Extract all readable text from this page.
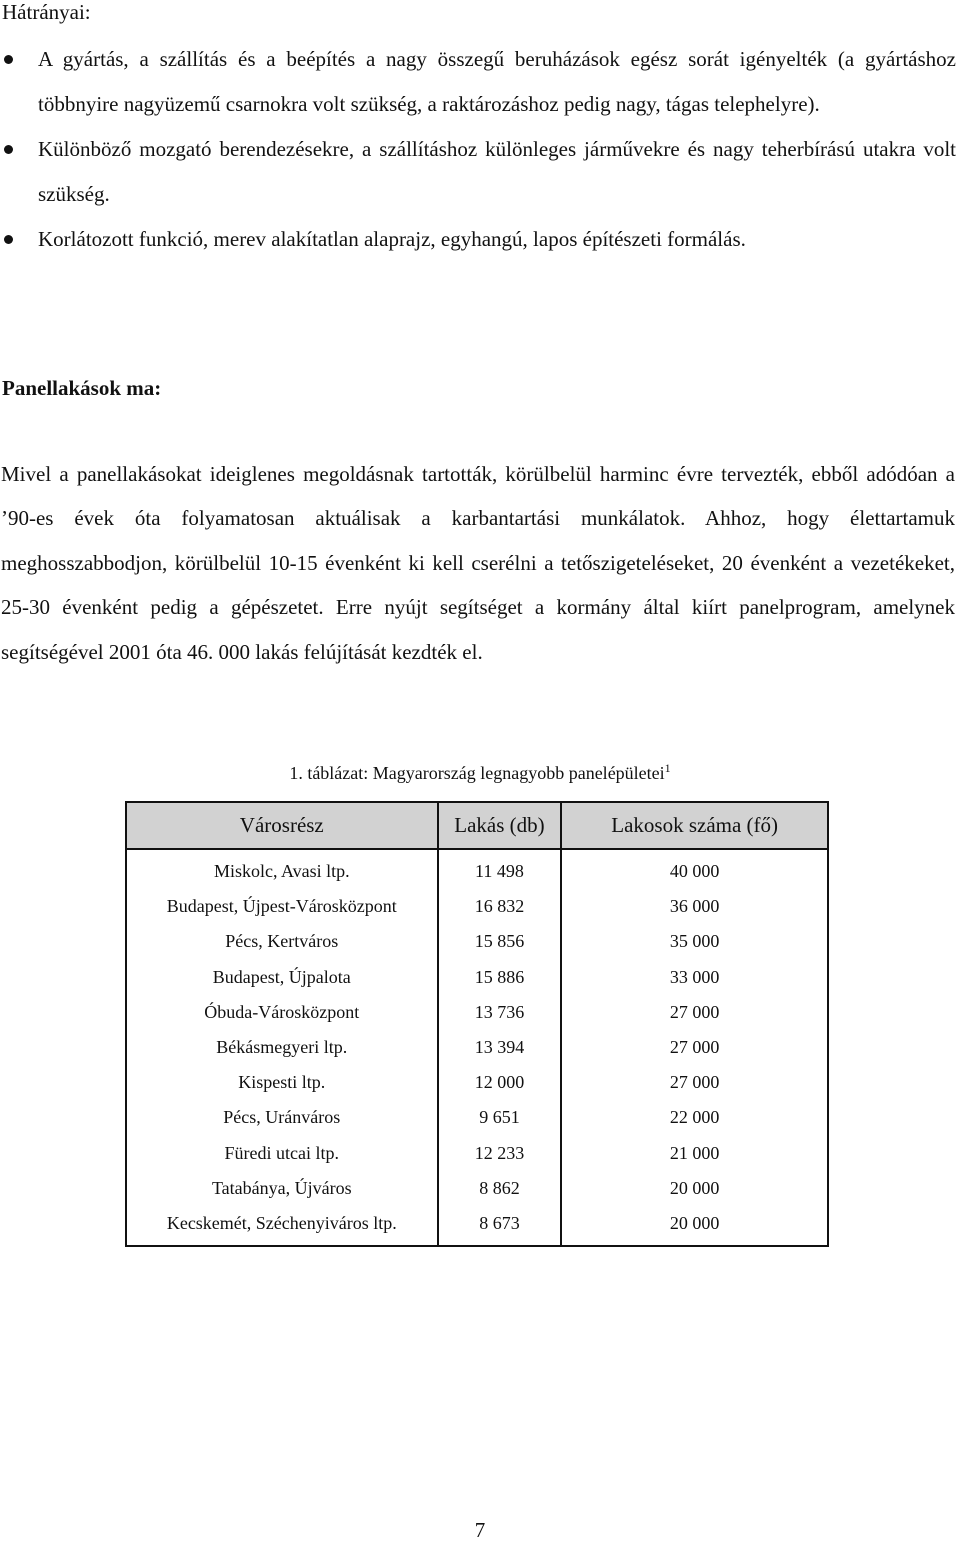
Hátrányai:

A gyártás, a szállítás és a beépítés a nagy összegű beruházások egész sorát igényelték (a gyártáshoz többnyire nagyüzemű csarnokra volt szükség, a raktározáshoz pedig nagy, tágas telephelyre).
Különböző mozgató berendezésekre, a szállításhoz különleges járművekre és nagy teherbírású utakra volt szükség.
Korlátozott funkció, merev alakítatlan alaprajz, egyhangú, lapos építészeti formálás.

Panellakások ma:

Mivel a panellakásokat ideiglenes megoldásnak tartották, körülbelül harminc évre tervezték, ebből adódóan a ’90-es évek óta folyamatosan aktuálisak a karbantartási munkálatok. Ahhoz, hogy élettartamuk meghosszabbodjon, körülbelül 10-15 évenként ki kell cserélni a tetőszigeteléseket, 20 évenként a vezetékeket, 25-30 évenként pedig a gépészetet. Erre nyújt segítséget a kormány által kiírt panelprogram, amelynek segítségével 2001 óta 46. 000 lakás felújítását kezdték el.

1. táblázat: Magyarország legnagyobb panelépületei$^1$

Városrész	Lakás (db)	Lakosok száma (fő)
Miskolc, Avasi ltp.	11 498	40 000
Budapest, Újpest-Városközpont	16 832	36 000
Pécs, Kertváros	15 856	35 000
Budapest, Újpalota	15 886	33 000
Óbuda-Városközpont	13 736	27 000
Békásmegyeri ltp.	13 394	27 000
Kispesti ltp.	12 000	27 000
Pécs, Uránváros	9 651	22 000
Füredi utcai ltp.	12 233	21 000
Tatabánya, Újváros	8 862	20 000
Kecskemét, Széchenyiváros ltp.	8 673	20 000

7
